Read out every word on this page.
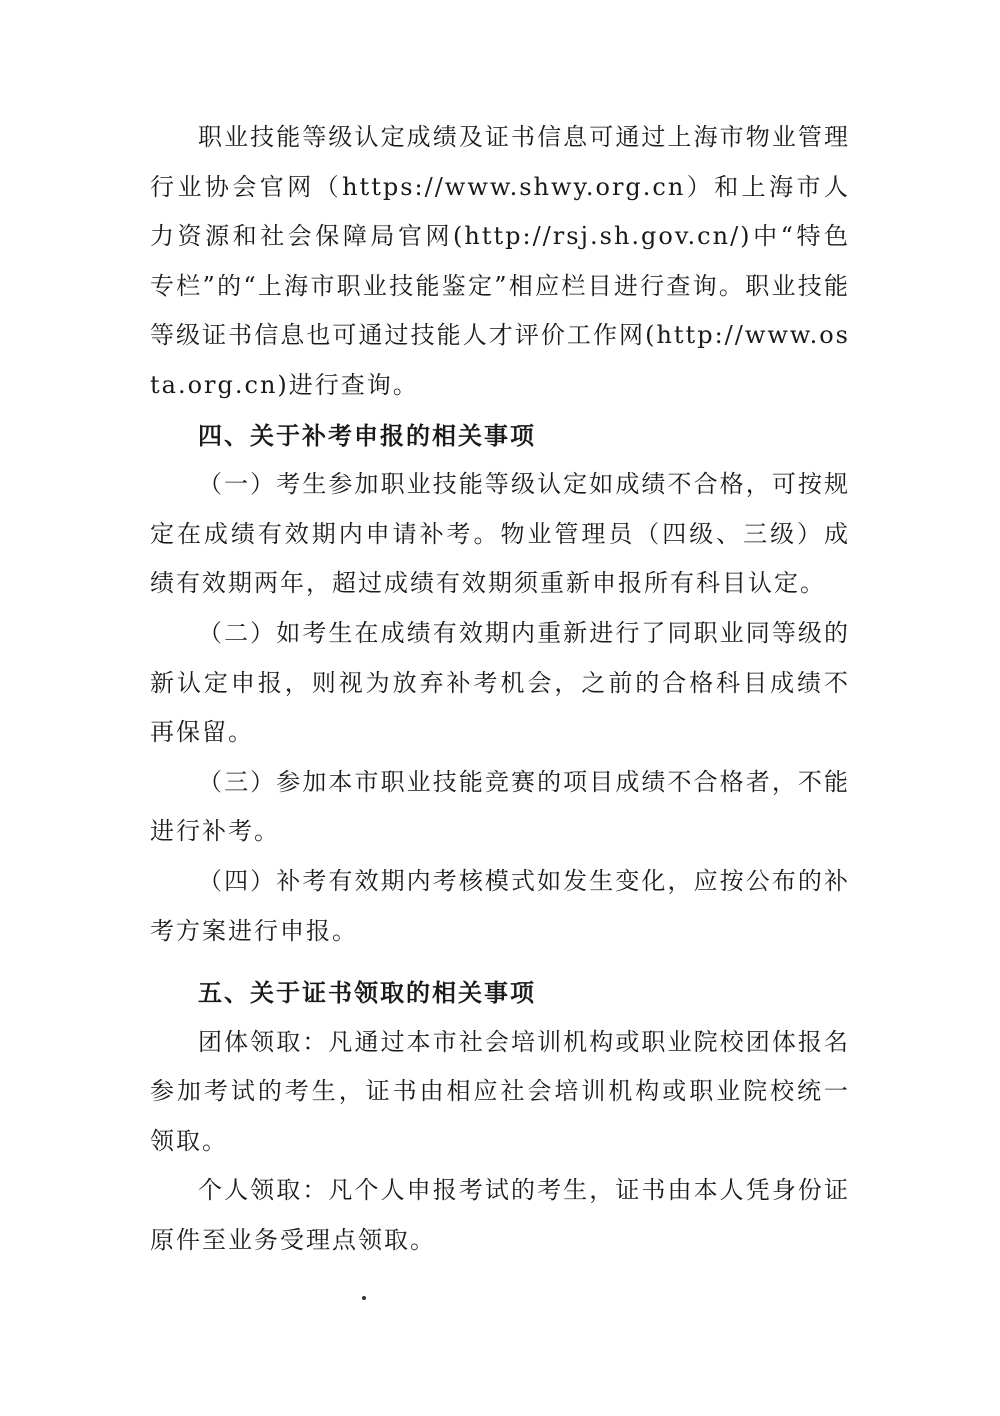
职业技能等级认定成绩及证书信息可通过上海市物业管理行业协会官网（https://www.shwy.org.cn）和上海市人力资源和社会保障局官网(http://rsj.sh.gov.cn/)中“特色专栏”的“上海市职业技能鉴定”相应栏目进行查询。职业技能等级证书信息也可通过技能人才评价工作网(http://www.osta.org.cn)进行查询。

四、关于补考申报的相关事项

（一）考生参加职业技能等级认定如成绩不合格，可按规定在成绩有效期内申请补考。物业管理员（四级、三级）成绩有效期两年，超过成绩有效期须重新申报所有科目认定。

（二）如考生在成绩有效期内重新进行了同职业同等级的新认定申报，则视为放弃补考机会，之前的合格科目成绩不再保留。

（三）参加本市职业技能竞赛的项目成绩不合格者，不能进行补考。

（四）补考有效期内考核模式如发生变化，应按公布的补考方案进行申报。

五、关于证书领取的相关事项

团体领取：凡通过本市社会培训机构或职业院校团体报名参加考试的考生，证书由相应社会培训机构或职业院校统一领取。

个人领取：凡个人申报考试的考生，证书由本人凭身份证原件至业务受理点领取。
